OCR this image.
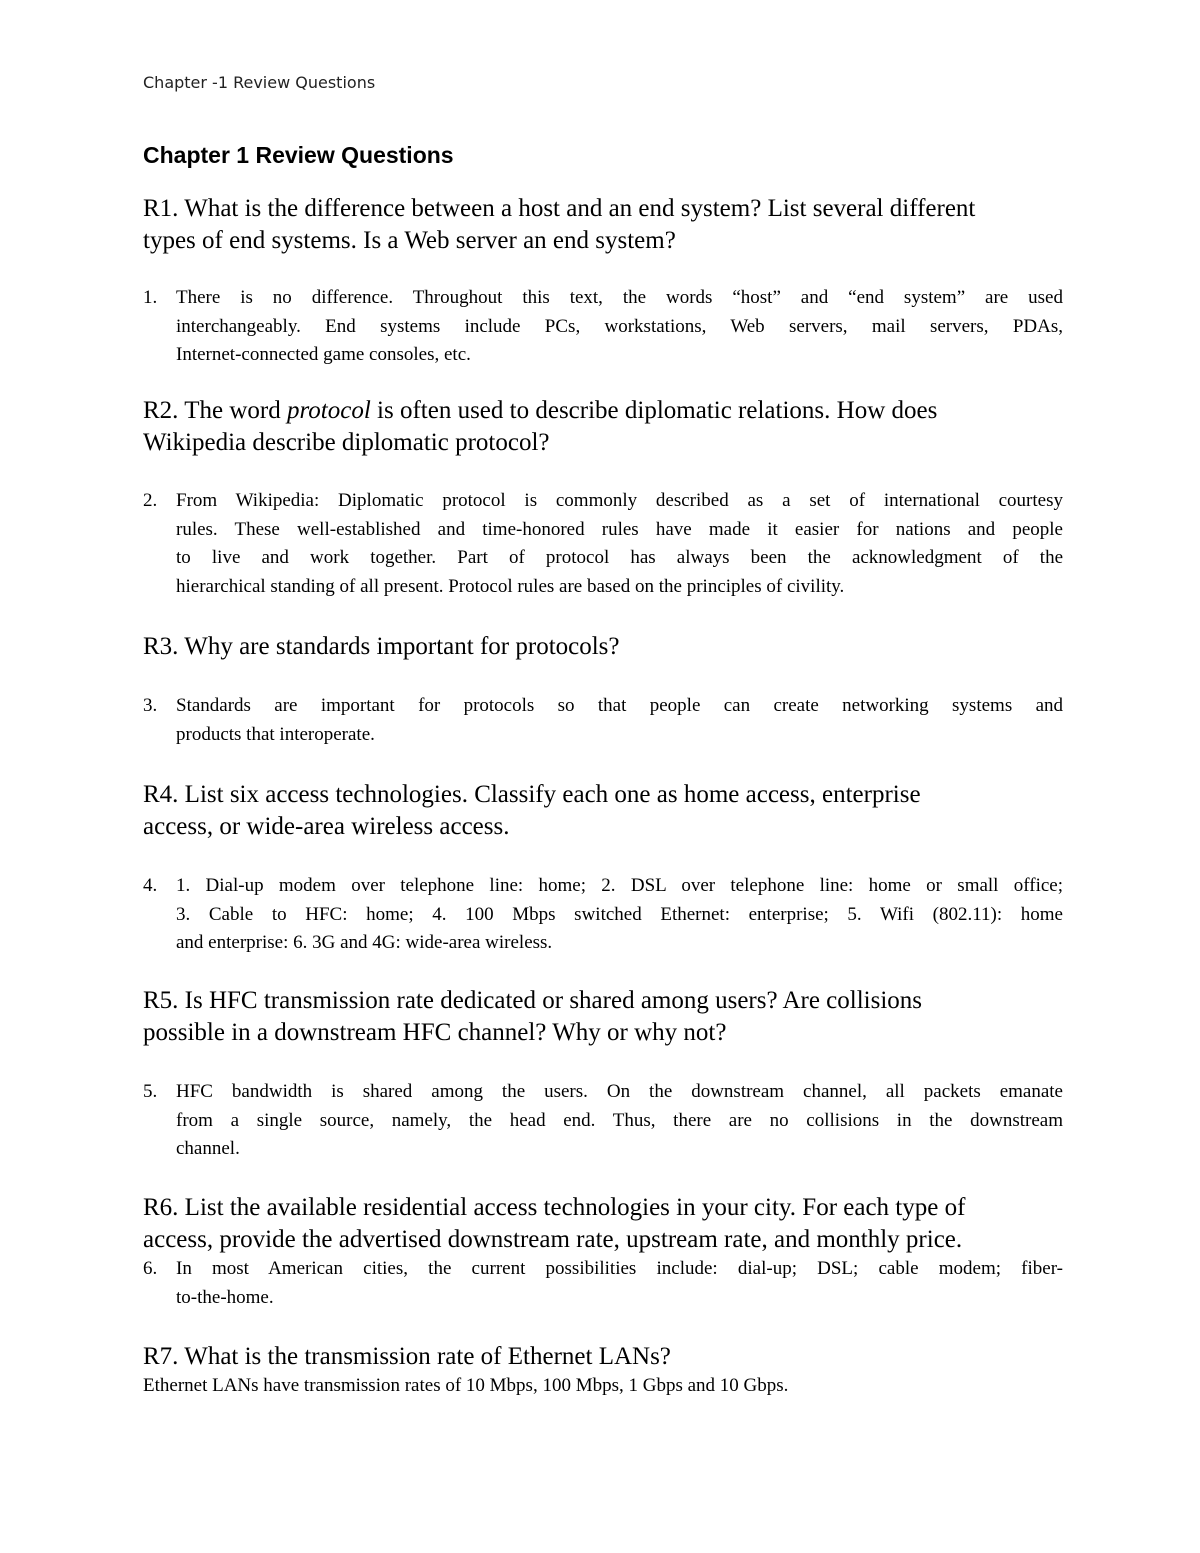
Chapter -1 Review Questions
Chapter 1 Review Questions
R1. What is the difference between a host and an end system? List several different
types of end systems. Is a Web server an end system?
1. There is no difference. Throughout this text, the words “host” and “end system” are used
interchangeably. End systems include PCs, workstations, Web servers, mail servers, PDAs,
Internet-connected game consoles, etc.
R2. The word protocol is often used to describe diplomatic relations. How does
Wikipedia describe diplomatic protocol?
2. From Wikipedia: Diplomatic protocol is commonly described as a set of international courtesy
rules. These well-established and time-honored rules have made it easier for nations and people
to live and work together. Part of protocol has always been the acknowledgment of the
hierarchical standing of all present. Protocol rules are based on the principles of civility.
R3. Why are standards important for protocols?
3. Standards are important for protocols so that people can create networking systems and
products that interoperate.
R4. List six access technologies. Classify each one as home access, enterprise
access, or wide-area wireless access.
4. 1. Dial-up modem over telephone line: home; 2. DSL over telephone line: home or small office;
3. Cable to HFC: home; 4. 100 Mbps switched Ethernet: enterprise; 5. Wifi (802.11): home
and enterprise: 6. 3G and 4G: wide-area wireless.
R5. Is HFC transmission rate dedicated or shared among users? Are collisions
possible in a downstream HFC channel? Why or why not?
5. HFC bandwidth is shared among the users. On the downstream channel, all packets emanate
from a single source, namely, the head end. Thus, there are no collisions in the downstream
channel.
R6. List the available residential access technologies in your city. For each type of
access, provide the advertised downstream rate, upstream rate, and monthly price.
6. In most American cities, the current possibilities include: dial-up; DSL; cable modem; fiber-
to-the-home.
R7. What is the transmission rate of Ethernet LANs?
Ethernet LANs have transmission rates of 10 Mbps, 100 Mbps, 1 Gbps and 10 Gbps.
